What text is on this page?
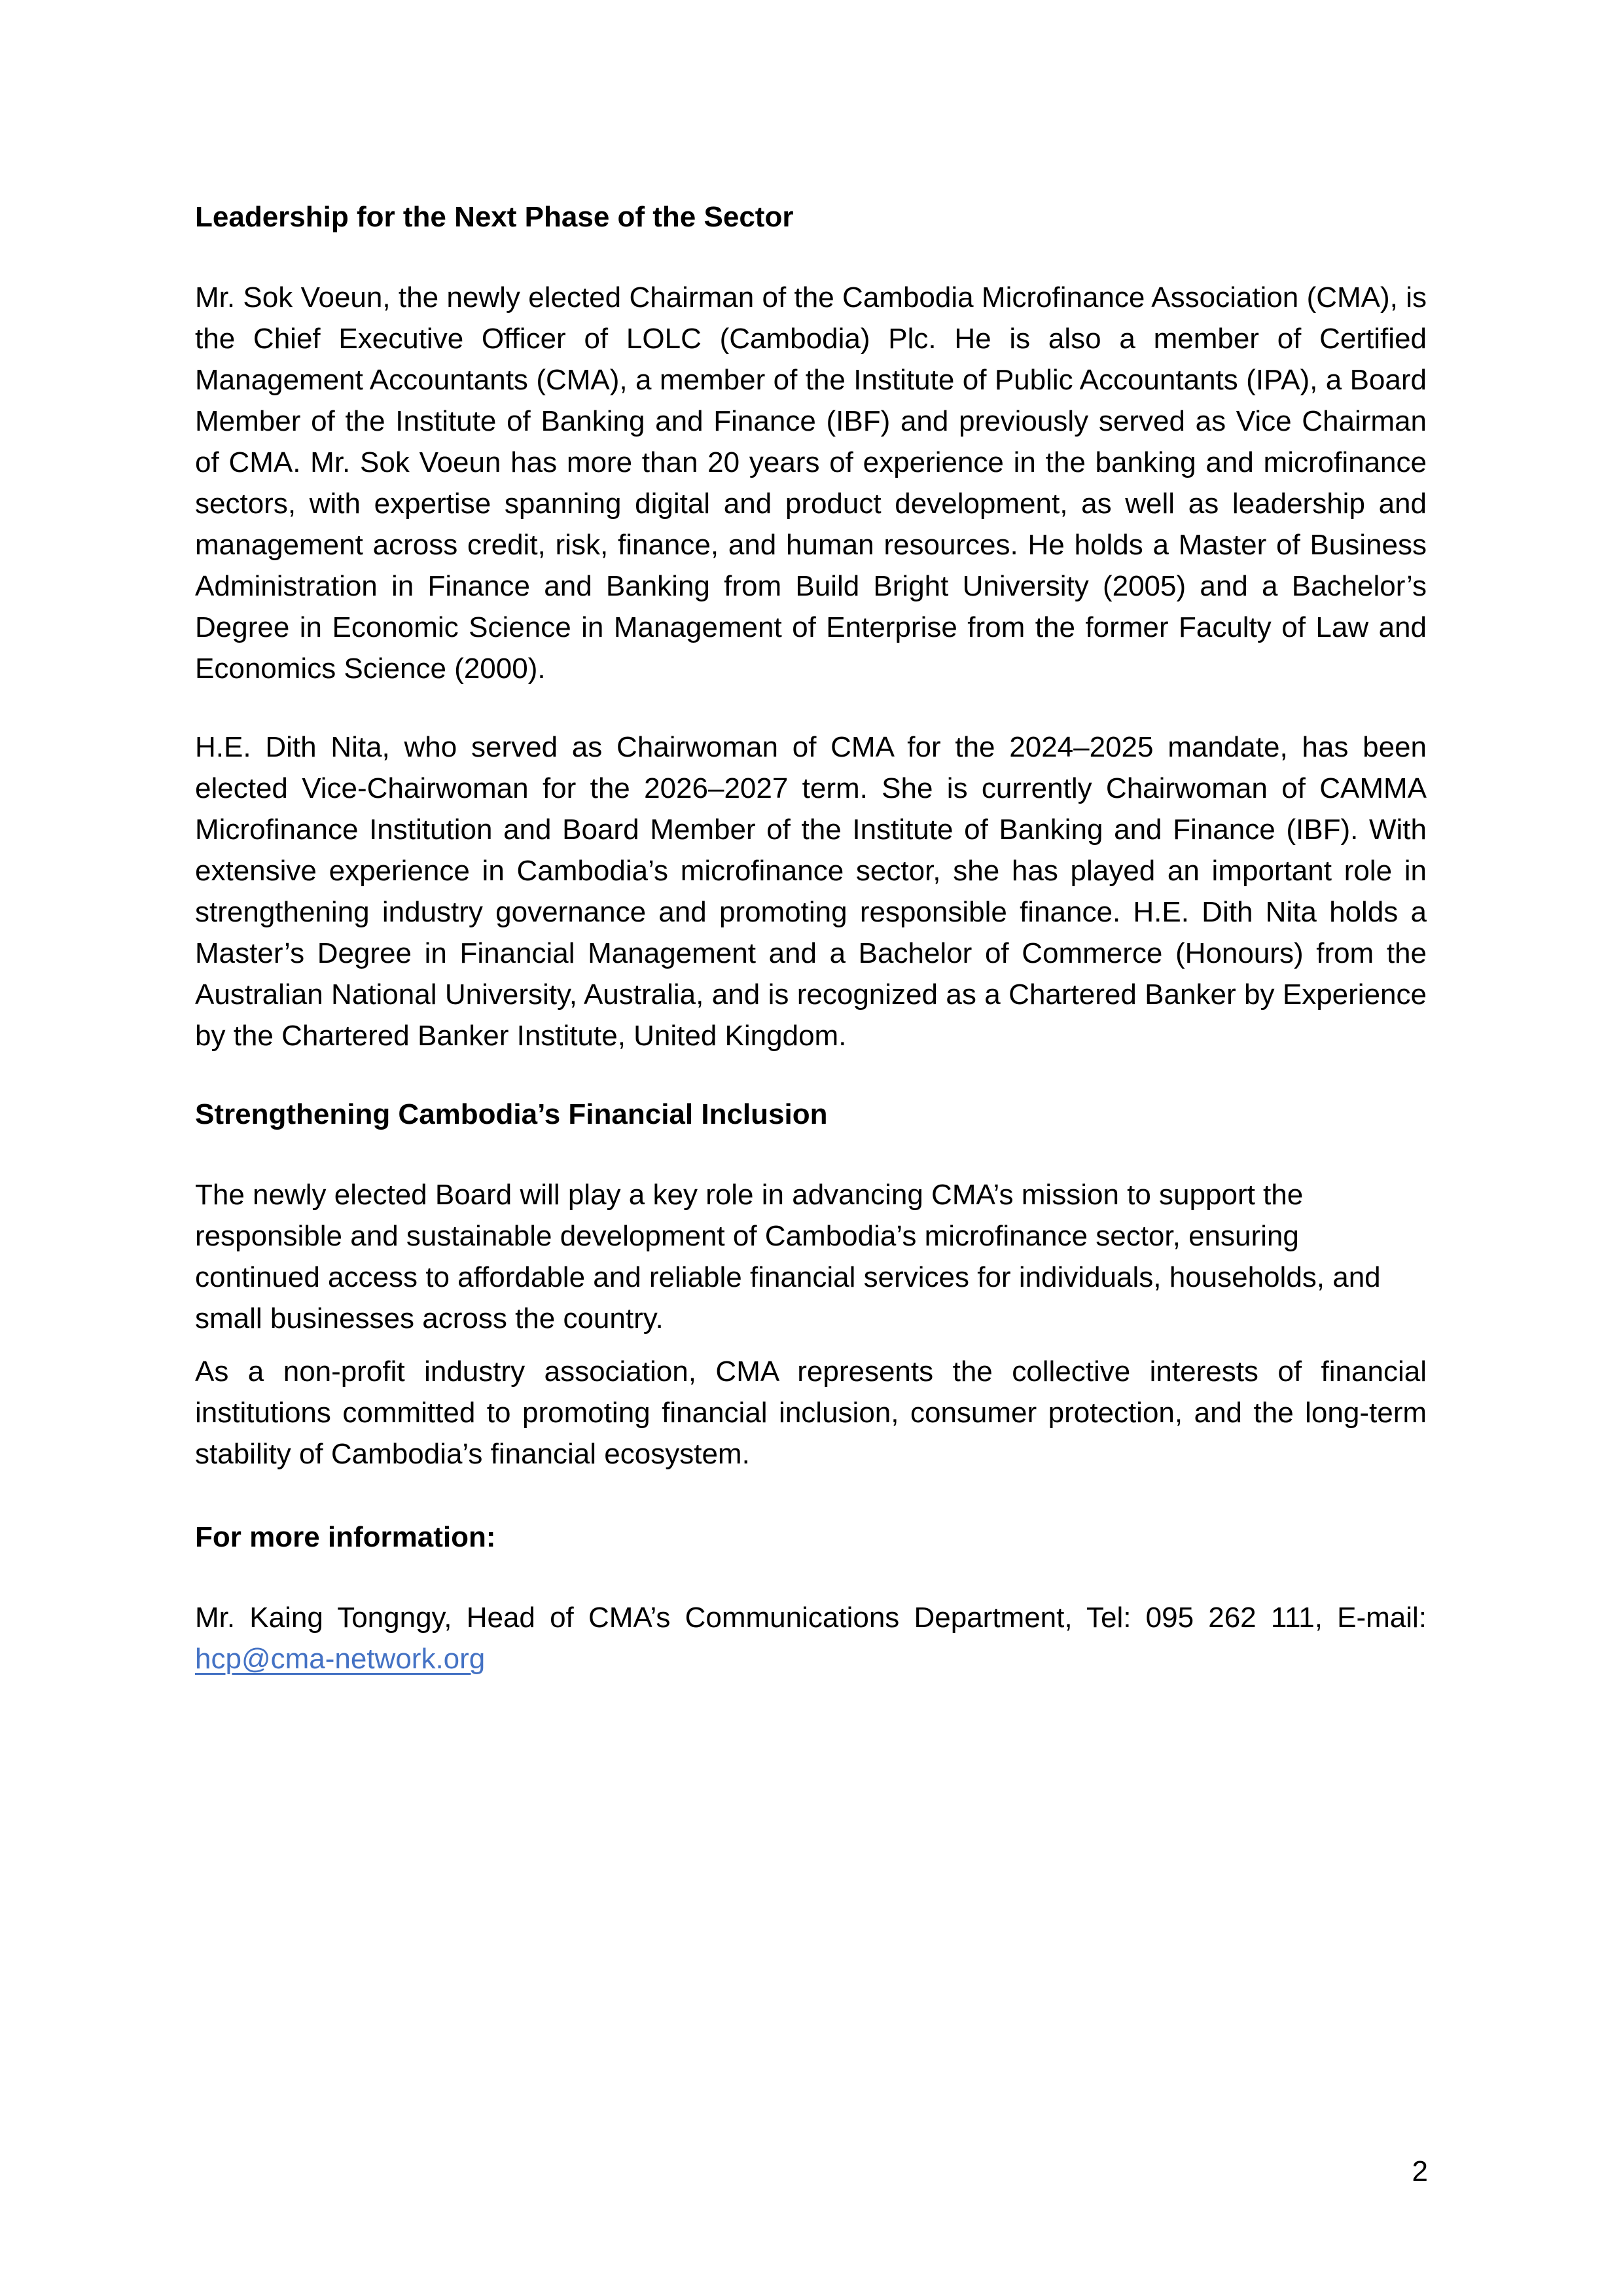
Leadership for the Next Phase of the Sector

Mr. Sok Voeun, the newly elected Chairman of the Cambodia Microfinance Association (CMA), is the Chief Executive Officer of LOLC (Cambodia) Plc. He is also a member of Certified Management Accountants (CMA), a member of the Institute of Public Accountants (IPA), a Board Member of the Institute of Banking and Finance (IBF) and previously served as Vice Chairman of CMA. Mr. Sok Voeun has more than 20 years of experience in the banking and microfinance sectors, with expertise spanning digital and product development, as well as leadership and management across credit, risk, finance, and human resources. He holds a Master of Business Administration in Finance and Banking from Build Bright University (2005) and a Bachelor’s Degree in Economic Science in Management of Enterprise from the former Faculty of Law and Economics Science (2000).

H.E. Dith Nita, who served as Chairwoman of CMA for the 2024–2025 mandate, has been elected Vice-Chairwoman for the 2026–2027 term. She is currently Chairwoman of CAMMA Microfinance Institution and Board Member of the Institute of Banking and Finance (IBF). With extensive experience in Cambodia’s microfinance sector, she has played an important role in strengthening industry governance and promoting responsible finance. H.E. Dith Nita holds a Master’s Degree in Financial Management and a Bachelor of Commerce (Honours) from the Australian National University, Australia, and is recognized as a Chartered Banker by Experience by the Chartered Banker Institute, United Kingdom.

Strengthening Cambodia’s Financial Inclusion

The newly elected Board will play a key role in advancing CMA’s mission to support the responsible and sustainable development of Cambodia’s microfinance sector, ensuring continued access to affordable and reliable financial services for individuals, households, and small businesses across the country.

As a non-profit industry association, CMA represents the collective interests of financial institutions committed to promoting financial inclusion, consumer protection, and the long-term stability of Cambodia’s financial ecosystem.

For more information:

Mr. Kaing Tongngy, Head of CMA’s Communications Department, Tel: 095 262 111, E-mail: hcp@cma-network.org

2
